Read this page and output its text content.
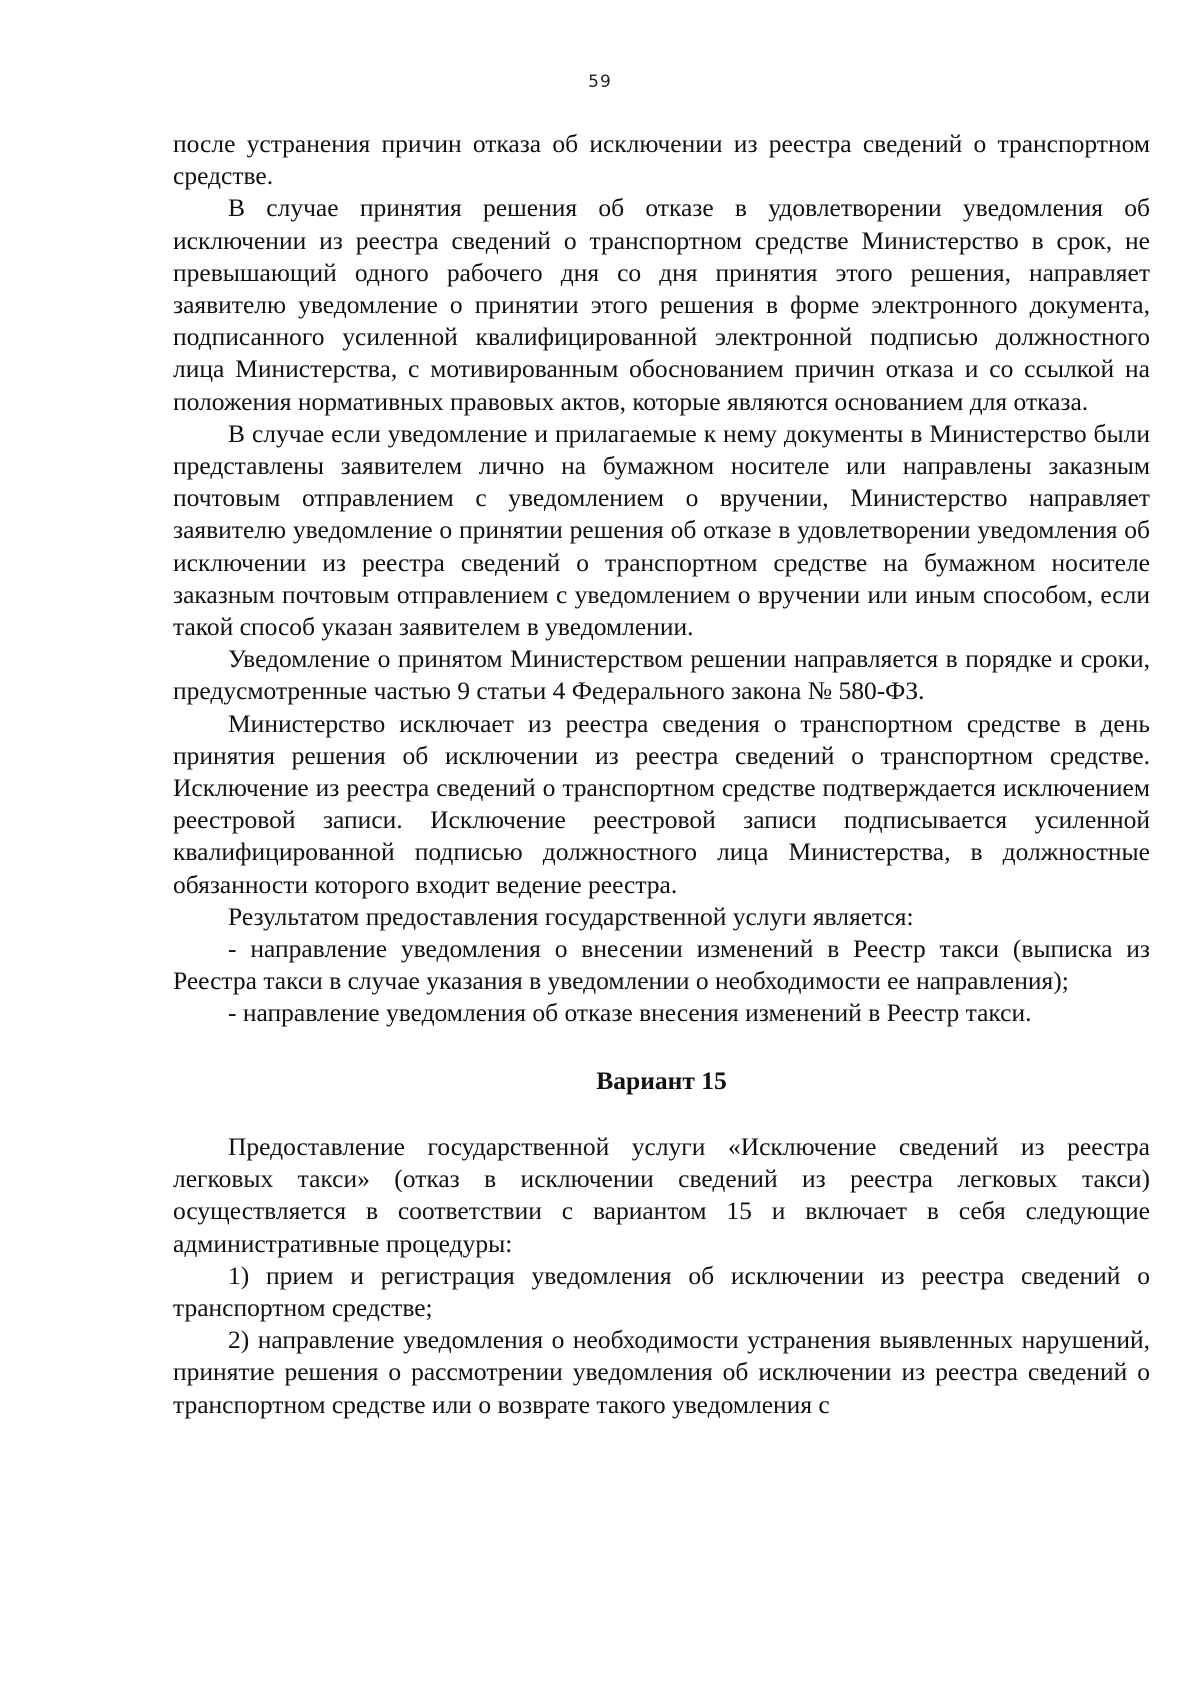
59

после устранения причин отказа об исключении из реестра сведений о транспортном средстве.

В случае принятия решения об отказе в удовлетворении уведомления об исключении из реестра сведений о транспортном средстве Министерство в срок, не превышающий одного рабочего дня со дня принятия этого решения, направляет заявителю уведомление о принятии этого решения в форме электронного документа, подписанного усиленной квалифицированной электронной подписью должностного лица Министерства, с мотивированным обоснованием причин отказа и со ссылкой на положения нормативных правовых актов, которые являются основанием для отказа.

В случае если уведомление и прилагаемые к нему документы в Министерство были представлены заявителем лично на бумажном носителе или направлены заказным почтовым отправлением с уведомлением о вручении, Министерство направляет заявителю уведомление о принятии решения об отказе в удовлетворении уведомления об исключении из реестра сведений о транспортном средстве на бумажном носителе заказным почтовым отправлением с уведомлением о вручении или иным способом, если такой способ указан заявителем в уведомлении.

Уведомление о принятом Министерством решении направляется в порядке и сроки, предусмотренные частью 9 статьи 4 Федерального закона № 580-ФЗ.

Министерство исключает из реестра сведения о транспортном средстве в день принятия решения об исключении из реестра сведений о транспортном средстве. Исключение из реестра сведений о транспортном средстве подтверждается исключением реестровой записи. Исключение реестровой записи подписывается усиленной квалифицированной подписью должностного лица Министерства, в должностные обязанности которого входит ведение реестра.

Результатом предоставления государственной услуги является:

- направление уведомления о внесении изменений в Реестр такси (выписка из Реестра такси в случае указания в уведомлении о необходимости ее направления);

- направление уведомления об отказе внесения изменений в Реестр такси.

Вариант 15

Предоставление государственной услуги «Исключение сведений из реестра легковых такси» (отказ в исключении сведений из реестра легковых такси) осуществляется в соответствии с вариантом 15 и включает в себя следующие административные процедуры:

1) прием и регистрация уведомления об исключении из реестра сведений о транспортном средстве;

2) направление уведомления о необходимости устранения выявленных нарушений, принятие решения о рассмотрении уведомления об исключении из реестра сведений о транспортном средстве или о возврате такого уведомления с
